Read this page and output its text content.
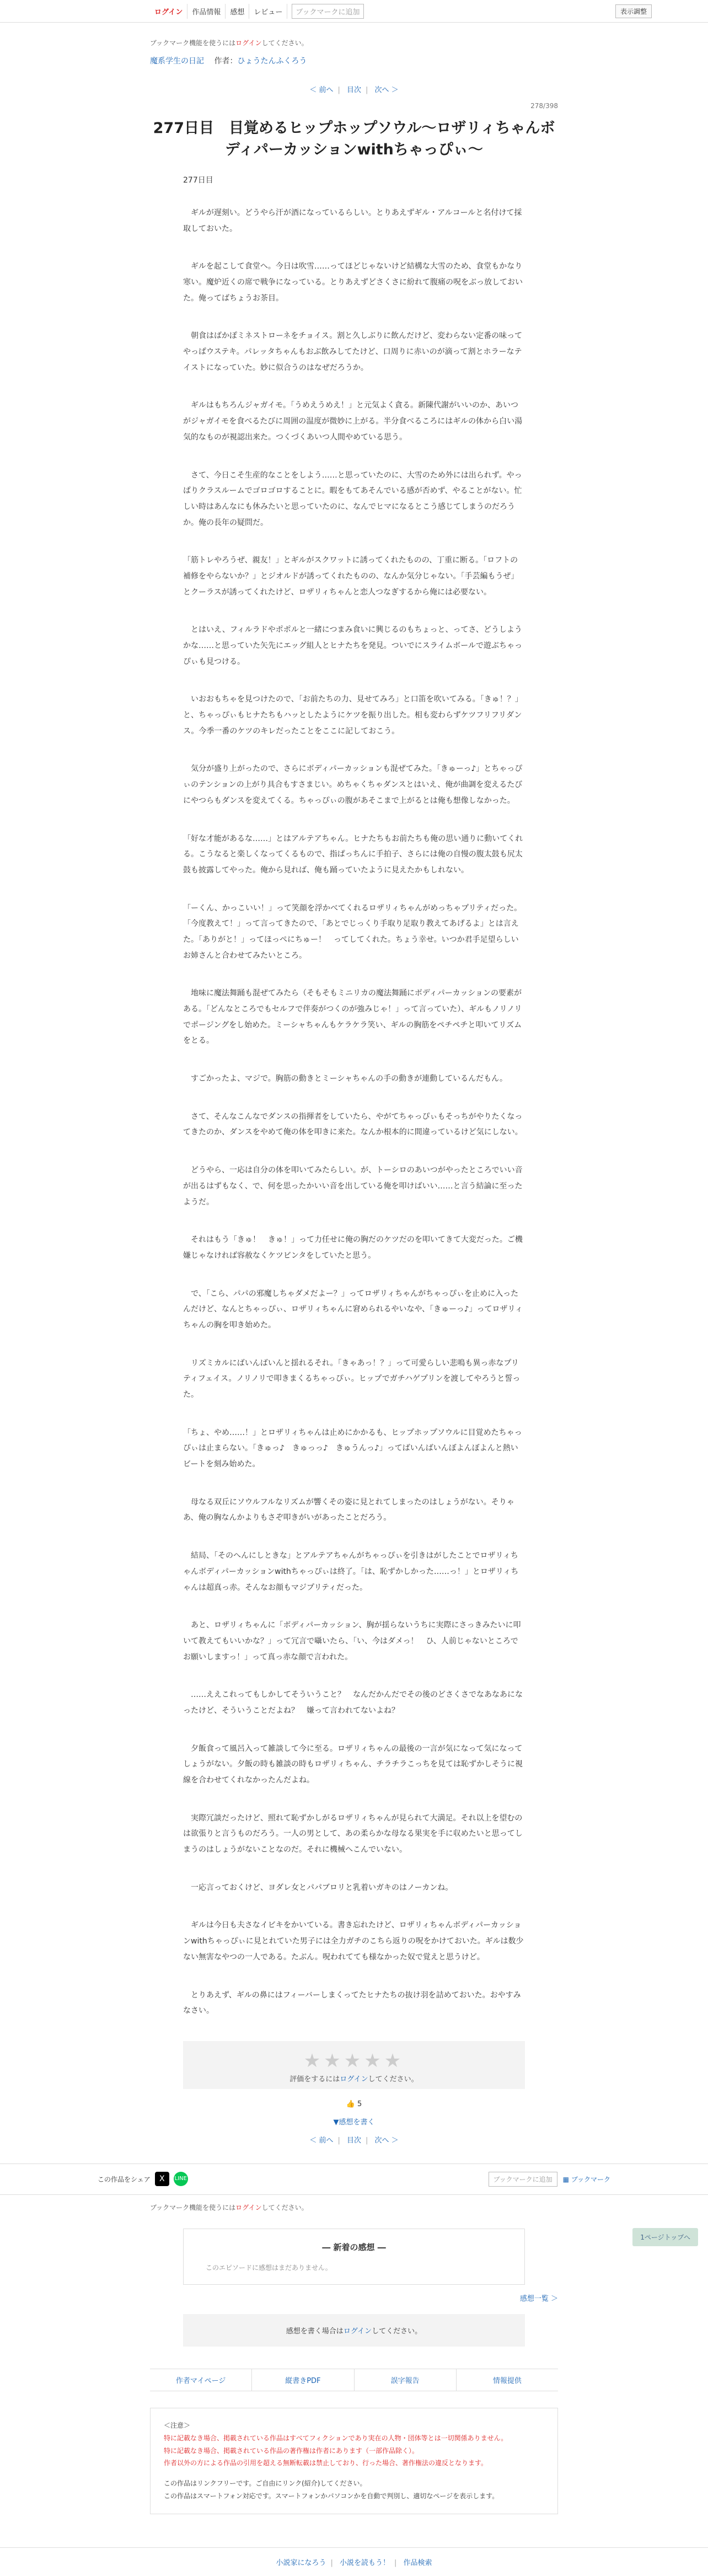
ログイン	作品情報	感想	レビュー	ブックマークに追加	表示調整
ブックマーク機能を使うにはログインしてください。
魔系学生の日記 作者：ひょうたんふくろう
＜ 前へ | 目次 | 次へ ＞
278/398
277日目　目覚めるヒップホップソウル～ロザリィちゃんボディパーカッションwithちゃっぴぃ～

277日目

　ギルが遅刻い。どうやら汗が酒になっているらしい。とりあえずギル・アルコールと名付けて採取しておいた。

　ギルを起こして食堂へ。今日は吹雪……ってほどじゃないけど結構な大雪のため、食堂もかなり寒い。魔炉近くの席で戦争になっている。とりあえずどさくさに紛れて腹痛の呪をぶっ放しておいた。俺ってばちょうお茶目。

　朝食はばかぽミネストローネをチョイス。割と久しぶりに飲んだけど、変わらない定番の味ってやっぱウステキ。パレッタちゃんもおぶ飲みしてたけど、口周りに赤いのが滴って割とホラーなテイストになっていた。妙に似合うのはなぜだろうか。

　ギルはもちろんジャガイモ。「うめえうめえ！」と元気よく貪る。新陳代謝がいいのか、あいつがジャガイモを食べるたびに周囲の温度が微妙に上がる。半分食べるころにはギルの体から白い湯気的なものが視認出来た。つくづくあいつ人間やめている思う。

　さて、今日こそ生産的なことをしよう……と思っていたのに、大雪のため外には出られず。やっぱりクラスルームでゴロゴロすることに。暇をもてあそんでいる感が否めず、やることがない。忙しい時はあんなにも休みたいと思っていたのに、なんでヒマになるとこう感じてしまうのだろうか。俺の長年の疑問だ。

「筋トレやろうぜ、親友！」とギルがスクワットに誘ってくれたものの、丁重に断る。「ロフトの補修をやらないか？」とジオルドが誘ってくれたものの、なんか気分じゃない。「手芸編もうぜ」とクーラスが誘ってくれたけど、ロザリィちゃんと恋人つなぎするから俺には必要ない。

　とはいえ、フィルラドやポポルと一緒につまみ食いに興じるのもちょっと、ってさ、どうしようかな……と思っていた矢先にエッグ組人とヒナたちを発見。ついでにスライムボールで遊ぶちゃっぴぃも見つける。

　いおおもちゃを見つけたので、「お前たちの力、見せてみろ」と口笛を吹いてみる。「きゅ！？」と、ちゃっぴぃもヒナたちもハッとしたようにケツを振り出した。相も変わらずケツフリフリダンス。今季一番のケツのキレだったことをここに記しておこう。

　気分が盛り上がったので、さらにボディパーカッションも混ぜてみた。「きゅーっ♪」とちゃっぴぃのテンションの上がり具合もすさまじい。めちゃくちゃダンスとはいえ、俺が曲調を変えるたびにやつらもダンスを変えてくる。ちゃっぴぃの腹があそこまで上がるとは俺も想像しなかった。

「好な才能があるな……」とはアルテアちゃん。ヒナたちもお前たちも俺の思い通りに動いてくれる。こうなると楽しくなってくるもので、指ぱっちんに手拍子、さらには俺の自慢の腹太鼓も尻太鼓も披露してやった。俺から見れば、俺も踊っていたように見えたかもしれない。

「ーくん、かっこいい！」って笑顔を浮かべてくれるロザリィちゃんがめっちゃプリティだった。「今度教えて！」って言ってきたので、「あとでじっくり手取り足取り教えてあげるよ」とは言えた。「ありがと！」ってほっぺにちゅー！　ってしてくれた。ちょう幸せ。いつか君手足望らしいお姉さんと合わせてみたいところ。

　地味に魔法舞踊も混ぜてみたら（そもそもミニリカの魔法舞踊にボディパーカッションの要素がある。「どんなところでもセルフで伴奏がつくのが強みじゃ！」って言っていた）、ギルもノリノリでポージングをし始めた。ミーシャちゃんもケラケラ笑い、ギルの胸筋をペチペチと叩いてリズムをとる。

　すごかったよ、マジで。胸筋の動きとミーシャちゃんの手の動きが連動しているんだもん。

　さて、そんなこんなでダンスの指揮者をしていたら、やがてちゃっぴぃもそっちがやりたくなってきたのか、ダンスをやめて俺の体を叩きに来た。なんか根本的に間違っているけど気にしない。

　どうやら、一応は自分の体を叩いてみたらしい。が、トーシロのあいつがやったところでいい音が出るはずもなく、で、何を思ったかいい音を出している俺を叩けばいい……と言う結論に至ったようだ。

　それはもう「きゅ！　きゅ！」って力任せに俺の胸だのケツだのを叩いてきて大変だった。ご機嫌じゃなければ容赦なくケツビンタをしていたと思う。

　で、「こら、パパの邪魔しちゃダメだよー？」ってロザリィちゃんがちゃっぴぃを止めに入ったんだけど、なんとちゃっぴぃ、ロザリィちゃんに窘められるやいなや、「きゅーっ♪」ってロザリィちゃんの胸を叩き始めた。

　リズミカルにばいんばいんと揺れるそれ。「きゃあっ！？」って可愛らしい悲鳴も異っ赤なプリティフェイス。ノリノリで叩きまくるちゃっぴぃ。ヒップでガチハゲプリンを渡してやろうと誓った。

「ちょ、やめ……！」とロザリィちゃんは止めにかかるも、ヒップホップソウルに目覚めたちゃっぴぃは止まらない。「きゅっ♪　きゅっっ♪　きゅうんっ♪」ってばいんばいんぼよんぼよんと熱いビートを刻み始めた。

　母なる双丘にソウルフルなリズムが響くその姿に見とれてしまったのはしょうがない。そりゃあ、俺の胸なんかよりもさぞ叩きがいがあったことだろう。

　結局、「そのへんにしときな」とアルテアちゃんがちゃっぴぃを引きはがしたことでロザリィちゃんボディパーカッションwithちゃっぴぃは終了。「は、恥ずかしかった……っ！」とロザリィちゃんは超真っ赤。そんなお顔もマジプリティだった。

　あと、ロザリィちゃんに「ボディパーカッション、胸が揺らないうちに実際にさっきみたいに叩いて教えてもいいかな？」って冗言で囁いたら、「い、今はダメっ！　ひ、人前じゃないところでお願いしますっ！」って真っ赤な顔で言われた。

　……ええこれってもしかしてそういうこと？　なんだかんだでその後のどさくさでなあなあになったけど、そういうことだよね？　嫌って言われてないよね？

　夕飯食って風呂入って雑談して今に至る。ロザリィちゃんの最後の一言が気になって気になってしょうがない。夕飯の時も雑談の時もロザリィちゃん、チラチラこっちを見ては恥ずかしそうに視線を合わせてくれなかったんだよね。

　実際冗談だったけど、照れて恥ずかしがるロザリィちゃんが見られて大満足。それ以上を望むのは欲張りと言うものだろう。一人の男として、あの柔らかな母なる果実を手に収めたいと思ってしまうのはしょうがないことなのだ。それに機械へこんでいない。

　一応言っておくけど、ヨダレ女とパパブロリと乳着いガキのはノーカンね。

　ギルは今日も夫さなイビキをかいている。書き忘れたけど、ロザリィちゃんボディパーカッションwithちゃっぴぃに見とれていた男子には全力ガチのこちら返りの呪をかけておいた。ギルは数少ない無害なやつの一人である。たぶん。呪われてても様なかった奴で覚えと思うけど。

　とりあえず、ギルの鼻にはフィーバーしまくってたヒナたちの抜け羽を詰めておいた。おやすみなさい。

1ページトップへ
★★★★★
評価をするにはログインしてください。
👍 5
▼感想を書く
＜ 前へ | 目次 | 次へ ＞
この作品をシェア	X	LINE	ブックマークに追加	▦ ブックマーク
ブックマーク機能を使うにはログインしてください。
― 新着の感想 ―
このエピソードに感想はまだありません。
感想一覧 ＞
感想を書く場合はログインしてください。
作者マイページ	縦書きPDF	誤字報告	情報提供

＜注意＞

特に記載なき場合、掲載されている作品はすべてフィクションであり実在の人物・団体等とは一切関係ありません。

特に記載なき場合、掲載されている作品の著作権は作者にあります（一部作品除く）。

作者以外の方による作品の引用を超える無断転載は禁止しており、行った場合、著作権法の違反となります。

この作品はリンクフリーです。ご自由にリンク(紹介)してください。

この作品はスマートフォン対応です。スマートフォンかパソコンかを自動で判別し、適切なページを表示します。

小説家になろう | 小説を読もう！ | 作品検索
